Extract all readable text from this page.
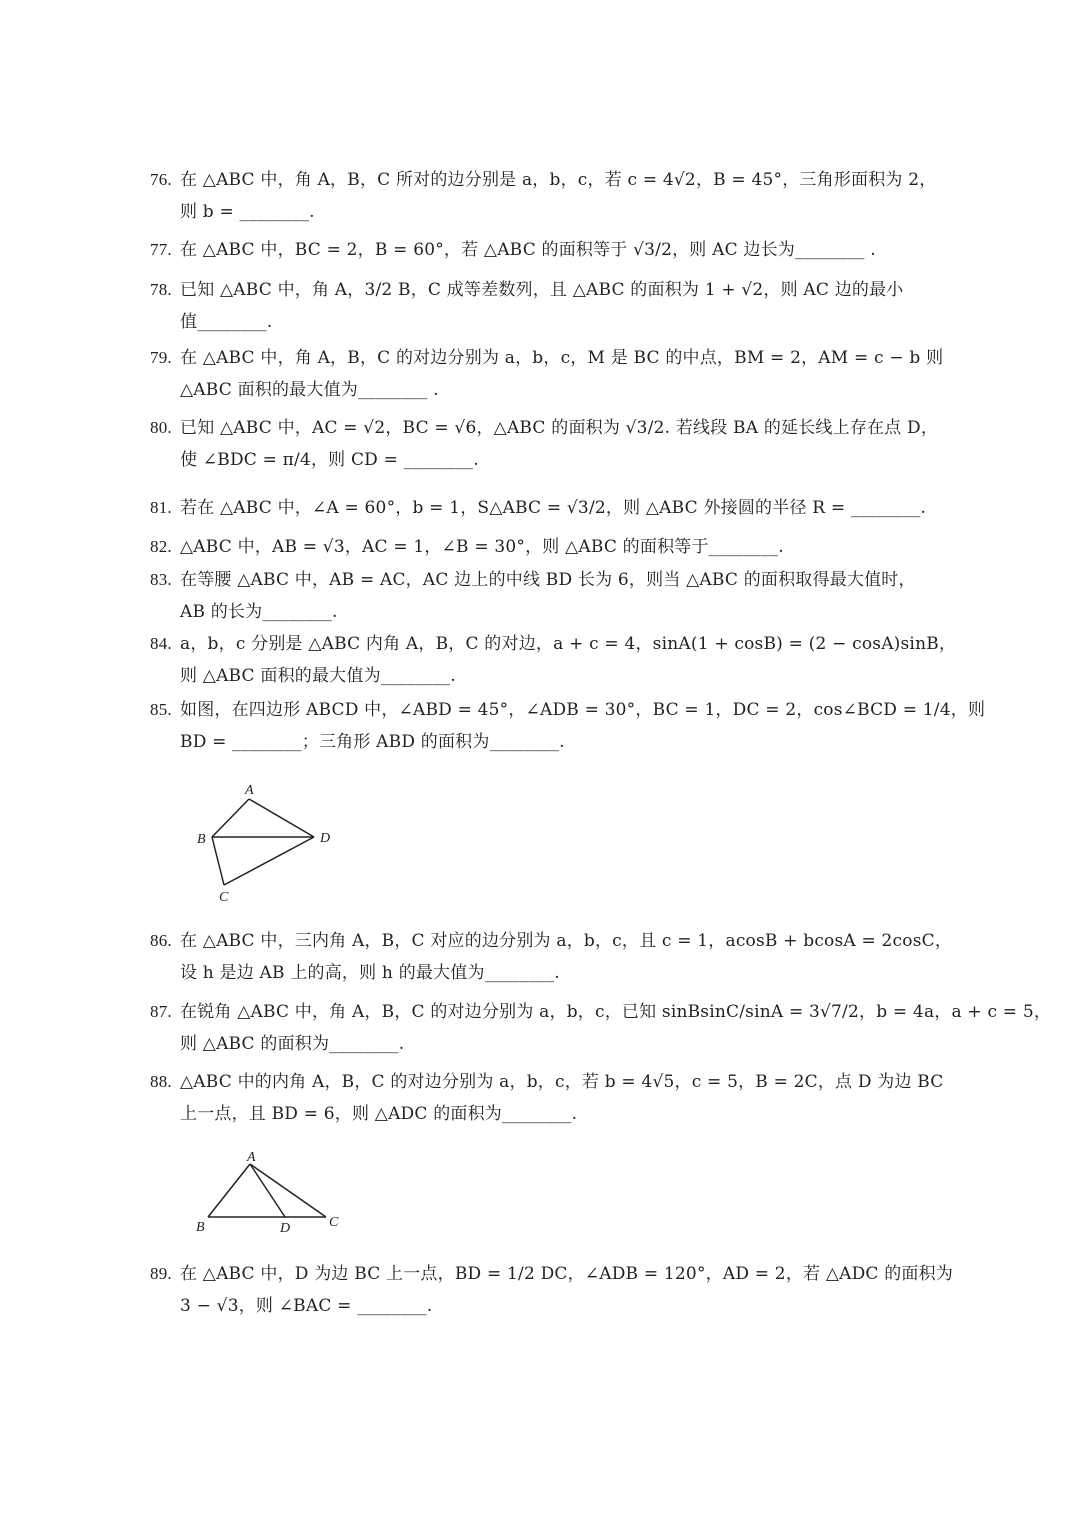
76. 在 △ABC 中，角 A，B，C 所对的边分别是 a，b，c，若 c = 4√2，B = 45°，三角形面积为 2，
则 b = ________.
77. 在 △ABC 中，BC = 2，B = 60°，若 △ABC 的面积等于 √3/2，则 AC 边长为________ .
78. 已知 △ABC 中，角 A，3/2 B，C 成等差数列，且 △ABC 的面积为 1 + √2，则 AC 边的最小
值________.
79. 在 △ABC 中，角 A，B，C 的对边分别为 a，b，c，M 是 BC 的中点，BM = 2，AM = c − b 则
△ABC 面积的最大值为________ .
80. 已知 △ABC 中，AC = √2，BC = √6，△ABC 的面积为 √3/2. 若线段 BA 的延长线上存在点 D，
使 ∠BDC = π/4，则 CD = ________.
81. 若在 △ABC 中，∠A = 60°，b = 1，S△ABC = √3/2，则 △ABC 外接圆的半径 R = ________.
82. △ABC 中，AB = √3，AC = 1，∠B = 30°，则 △ABC 的面积等于________.
83. 在等腰 △ABC 中，AB = AC，AC 边上的中线 BD 长为 6，则当 △ABC 的面积取得最大值时，
AB 的长为________.
84. a，b，c 分别是 △ABC 内角 A，B，C 的对边，a + c = 4，sinA(1 + cosB) = (2 − cosA)sinB，
则 △ABC 面积的最大值为________.
85. 如图，在四边形 ABCD 中，∠ABD = 45°，∠ADB = 30°，BC = 1，DC = 2，cos∠BCD = 1/4，则
BD = ________；三角形 ABD 的面积为________.
A
B
C
D
86. 在 △ABC 中，三内角 A，B，C 对应的边分别为 a，b，c，且 c = 1，acosB + bcosA = 2cosC，
设 h 是边 AB 上的高，则 h 的最大值为________.
87. 在锐角 △ABC 中，角 A，B，C 的对边分别为 a，b，c，已知 sinBsinC/sinA = 3√7/2，b = 4a，a + c = 5，
则 △ABC 的面积为________.
88. △ABC 中的内角 A，B，C 的对边分别为 a，b，c，若 b = 4√5，c = 5，B = 2C，点 D 为边 BC
上一点，且 BD = 6，则 △ADC 的面积为________.
A
B	C
D
89. 在 △ABC 中，D 为边 BC 上一点，BD = 1/2 DC，∠ADB = 120°，AD = 2，若 △ADC 的面积为
3 − √3，则 ∠BAC = ________.
